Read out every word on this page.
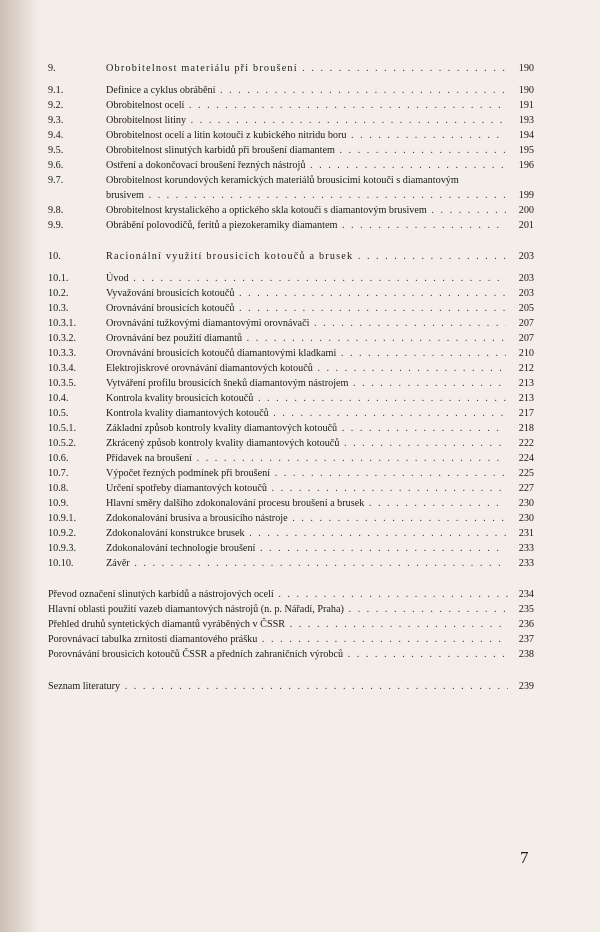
9.	Obrobitelnost materiálu při broušení . . .	190
9.1.	Definice a cyklus obrábění . . .	190
9.2.	Obrobitelnost ocelí . . .	191
9.3.	Obrobitelnost litiny . . .	193
9.4.	Obrobitelnost ocelí a litin kotouči z kubického nitridu boru . . .	194
9.5.	Obrobitelnost slinutých karbidů při broušení diamantem . . .	195
9.6.	Ostření a dokončovací broušení řezných nástrojů . . .	196
9.7.	Obrobitelnost korundových keramických materiálů brousicími kotouči s diamantovým
brusivem . . .	199
9.8.	Obrobitelnost krystalického a optického skla kotouči s diamantovým brusivem . . .	200
9.9.	Obrábění polovodičů, feritů a piezokeramiky diamantem . . .	201
10.	Racionální využití brousicích kotoučů a brusek . . .	203
10.1.	Úvod . . .	203
10.2.	Vyvažování brousicích kotoučů . . .	203
10.3.	Orovnávání brousicích kotoučů . . .	205
10.3.1.	Orovnávání tužkovými diamantovými orovnávači . . .	207
10.3.2.	Orovnávání bez použití diamantů . . .	207
10.3.3.	Orovnávání brousicích kotoučů diamantovými kladkami . . .	210
10.3.4.	Elektrojiskrové orovnávání diamantových kotoučů . . .	212
10.3.5.	Vytváření profilu brousicích šneků diamantovým nástrojem . . .	213
10.4.	Kontrola kvality brousicích kotoučů . . .	213
10.5.	Kontrola kvality diamantových kotoučů . . .	217
10.5.1.	Základní způsob kontroly kvality diamantových kotoučů . . .	218
10.5.2.	Zkrácený způsob kontroly kvality diamantových kotoučů . . .	222
10.6.	Přídavek na broušení . . .	224
10.7.	Výpočet řezných podmínek při broušení . . .	225
10.8.	Určení spotřeby diamantových kotoučů . . .	227
10.9.	Hlavní směry dalšího zdokonalování procesu broušení a brusek . . .	230
10.9.1.	Zdokonalování brusiva a brousicího nástroje . . .	230
10.9.2.	Zdokonalování konstrukce brusek . . .	231
10.9.3.	Zdokonalování technologie broušení . . .	233
10.10.	Závěr . . .	233
Převod označení slinutých karbidů a nástrojových ocelí . . .	234
Hlavní oblasti použití vazeb diamantových nástrojů (n. p. Nářadí, Praha) . . .	235
Přehled druhů syntetických diamantů vyráběných v ČSSR . . .	236
Porovnávací tabulka zrnitosti diamantového prášku . . .	237
Porovnávání brousicích kotoučů ČSSR a předních zahraničních výrobců . . .	238
Seznam literatury . . .	239
7
